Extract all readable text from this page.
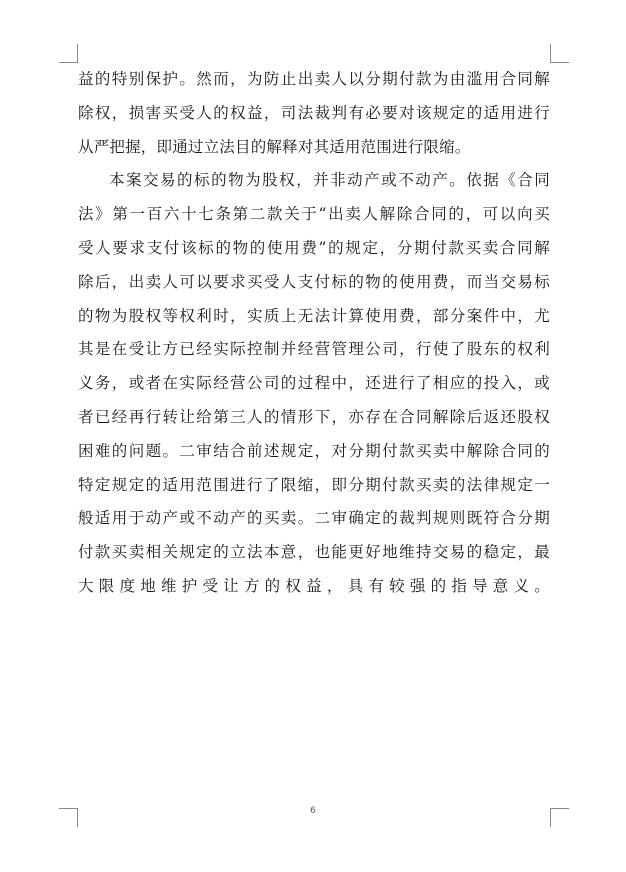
益的特别保护。然而，为防止出卖人以分期付款为由滥用合同解
除权，损害买受人的权益，司法裁判有必要对该规定的适用进行
从严把握，即通过立法目的解释对其适用范围进行限缩。
本案交易的标的物为股权，并非动产或不动产。依据《合同
法》第一百六十七条第二款关于“出卖人解除合同的，可以向买
受人要求支付该标的物的使用费”的规定，分期付款买卖合同解
除后，出卖人可以要求买受人支付标的物的使用费，而当交易标
的物为股权等权利时，实质上无法计算使用费，部分案件中，尤
其是在受让方已经实际控制并经营管理公司，行使了股东的权利
义务，或者在实际经营公司的过程中，还进行了相应的投入，或
者已经再行转让给第三人的情形下，亦存在合同解除后返还股权
困难的问题。二审结合前述规定，对分期付款买卖中解除合同的
特定规定的适用范围进行了限缩，即分期付款买卖的法律规定一
般适用于动产或不动产的买卖。二审确定的裁判规则既符合分期
付款买卖相关规定的立法本意，也能更好地维持交易的稳定，最
大限度地维护受让方的权益，具有较强的指导意义。
6
